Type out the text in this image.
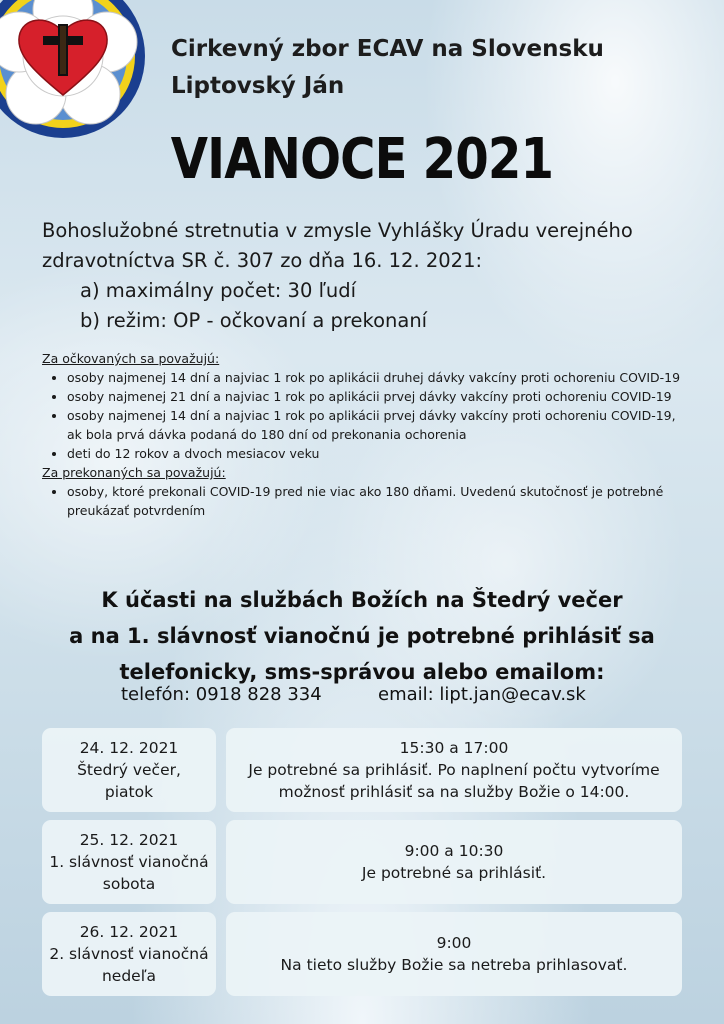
Cirkevný zbor ECAV na Slovensku
Liptovský Ján
VIANOCE 2021
Bohoslužobné stretnutia v zmysle Vyhlášky Úradu verejného
zdravotníctva SR č. 307 zo dňa 16. 12. 2021:
a) maximálny počet: 30 ľudí
b) režim: OP - očkovaní a prekonaní
Za očkovaných sa považujú:
• osoby najmenej 14 dní a najviac 1 rok po aplikácii druhej dávky vakcíny proti ochoreniu COVID-19
• osoby najmenej 21 dní a najviac 1 rok po aplikácii prvej dávky vakcíny proti ochoreniu COVID-19
• osoby najmenej 14 dní a najviac 1 rok po aplikácii prvej dávky vakcíny proti ochoreniu COVID-19, ak bola prvá dávka podaná do 180 dní od prekonania ochorenia
• deti do 12 rokov a dvoch mesiacov veku
Za prekonaných sa považujú:
• osoby, ktoré prekonali COVID-19 pred nie viac ako 180 dňami. Uvedenú skutočnosť je potrebné preukázať potvrdením
K účasti na službách Božích na Štedrý večer
a na 1. slávnosť vianočnú je potrebné prihlásiť sa
telefonicky, sms-správou alebo emailom:
telefón: 0918 828 334	email: lipt.jan@ecav.sk
24. 12. 2021
Štedrý večer,
piatok
15:30 a 17:00
Je potrebné sa prihlásiť. Po naplnení počtu vytvoríme
možnosť prihlásiť sa na služby Božie o 14:00.
25. 12. 2021
1. slávnosť vianočná
sobota
9:00 a 10:30
Je potrebné sa prihlásiť.
26. 12. 2021
2. slávnosť vianočná
nedeľa
9:00
Na tieto služby Božie sa netreba prihlasovať.
